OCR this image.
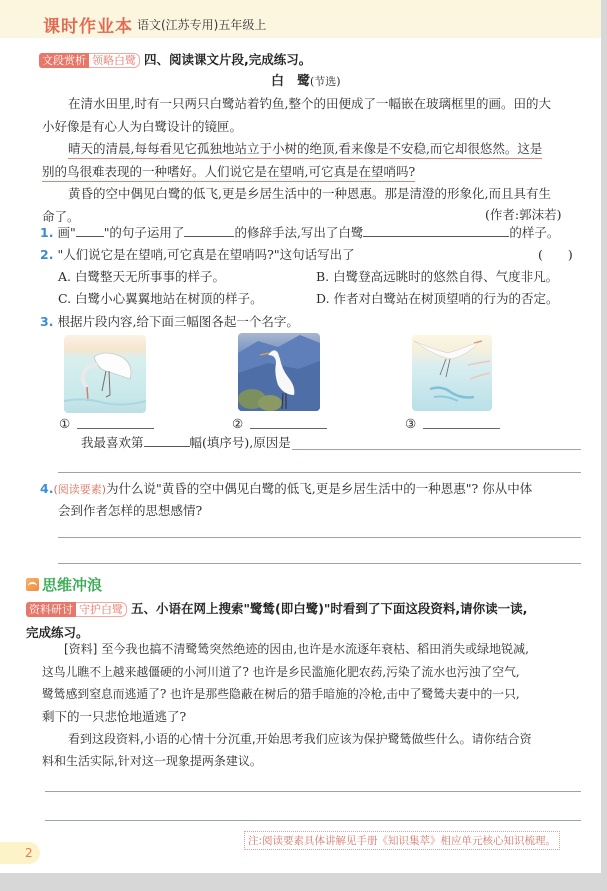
课时作业本 语文(江苏专用)五年级上
文段赏析 领略白鹭 四、阅读课文片段,完成练习。
白　鹭(节选)
在清水田里,时有一只两只白鹭站着钓鱼,整个的田便成了一幅嵌在玻璃框里的画。田的大
小好像是有心人为白鹭设计的镜匣。
晴天的清晨,每每看见它孤独地站立于小树的绝顶,看来像是不安稳,而它却很悠然。这是
别的鸟很难表现的一种嗜好。人们说它是在望哨,可它真是在望哨吗?
黄昏的空中偶见白鹭的低飞,更是乡居生活中的一种恩惠。那是清澄的形象化,而且具有生
命了。	(作者:郭沫若)
1. 画" "的句子运用了	的修辞手法,写出了白鹭	的样子。
2. "人们说它是在望哨,可它真是在望哨吗?"这句话写出了	(　　)
A. 白鹭整天无所事事的样子。	B. 白鹭登高远眺时的悠然自得、气度非凡。
C. 白鹭小心翼翼地站在树顶的样子。	D. 作者对白鹭站在树顶望哨的行为的否定。
3. 根据片段内容,给下面三幅图各起一个名字。
①	②	③
我最喜欢第	幅(填序号),原因是
4.(阅读要素)为什么说"黄昏的空中偶见白鹭的低飞,更是乡居生活中的一种恩惠"? 你从中体
会到作者怎样的思想感情?
思维冲浪
资料研讨 守护白鹭 五、小语在网上搜索"鹭鸶(即白鹭)"时看到了下面这段资料,请你读一读,
完成练习。
[资料] 至今我也搞不清鹭鸶突然绝迹的因由,也许是水流逐年衰枯、稻田消失或绿地锐减,
这鸟儿瞧不上越来越僵硬的小河川道了? 也许是乡民滥施化肥农药,污染了流水也污浊了空气,
鹭鸶感到窒息而逃遁了? 也许是那些隐蔽在树后的猎手暗施的冷枪,击中了鹭鸶夫妻中的一只,
剩下的一只悲怆地遁逃了?
看到这段资料,小语的心情十分沉重,开始思考我们应该为保护鹭鸶做些什么。请你结合资
料和生活实际,针对这一现象提两条建议。
注:阅读要素具体讲解见手册《知识集萃》相应单元核心知识梳理。
2
